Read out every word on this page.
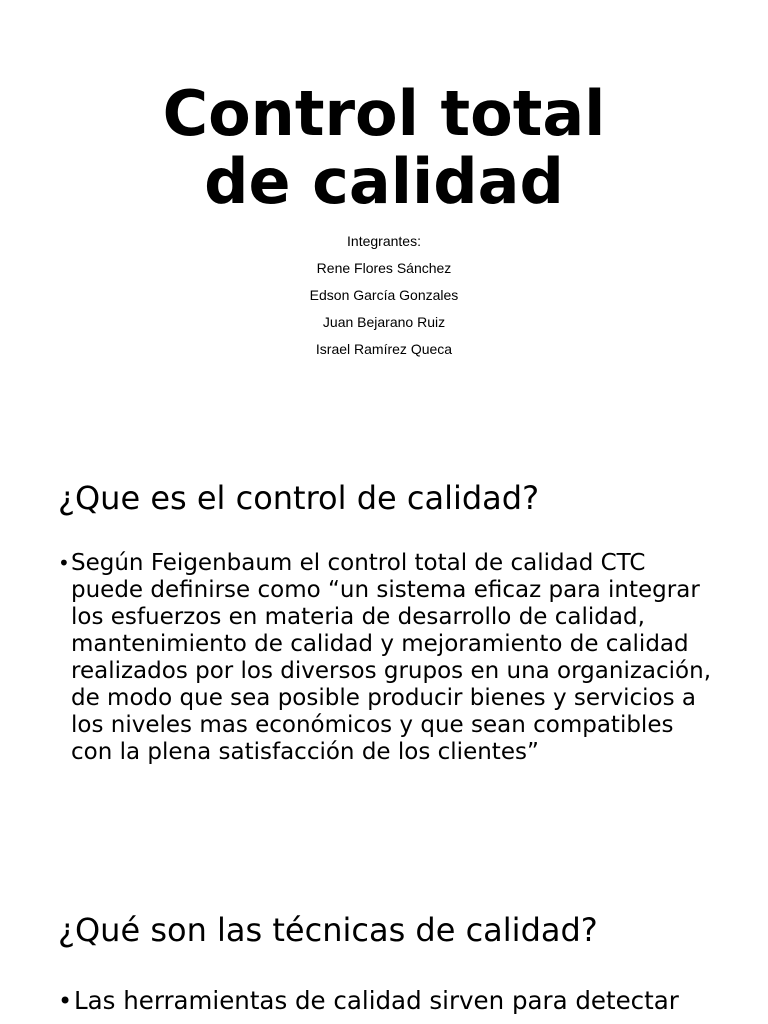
Control total
de calidad
Integrantes:
Rene Flores Sánchez
Edson García Gonzales
Juan Bejarano Ruiz
Israel Ramírez Queca
¿Que es el control de calidad?
• Según Feigenbaum el control total de calidad CTC puede definirse como “un sistema eficaz para integrar los esfuerzos en materia de desarrollo de calidad, mantenimiento de calidad y mejoramiento de calidad realizados por los diversos grupos en una organización, de modo que sea posible producir bienes y servicios a los niveles mas económicos y que sean compatibles con la plena satisfacción de los clientes”
¿Qué son las técnicas de calidad?
• Las herramientas de calidad sirven para detectar
